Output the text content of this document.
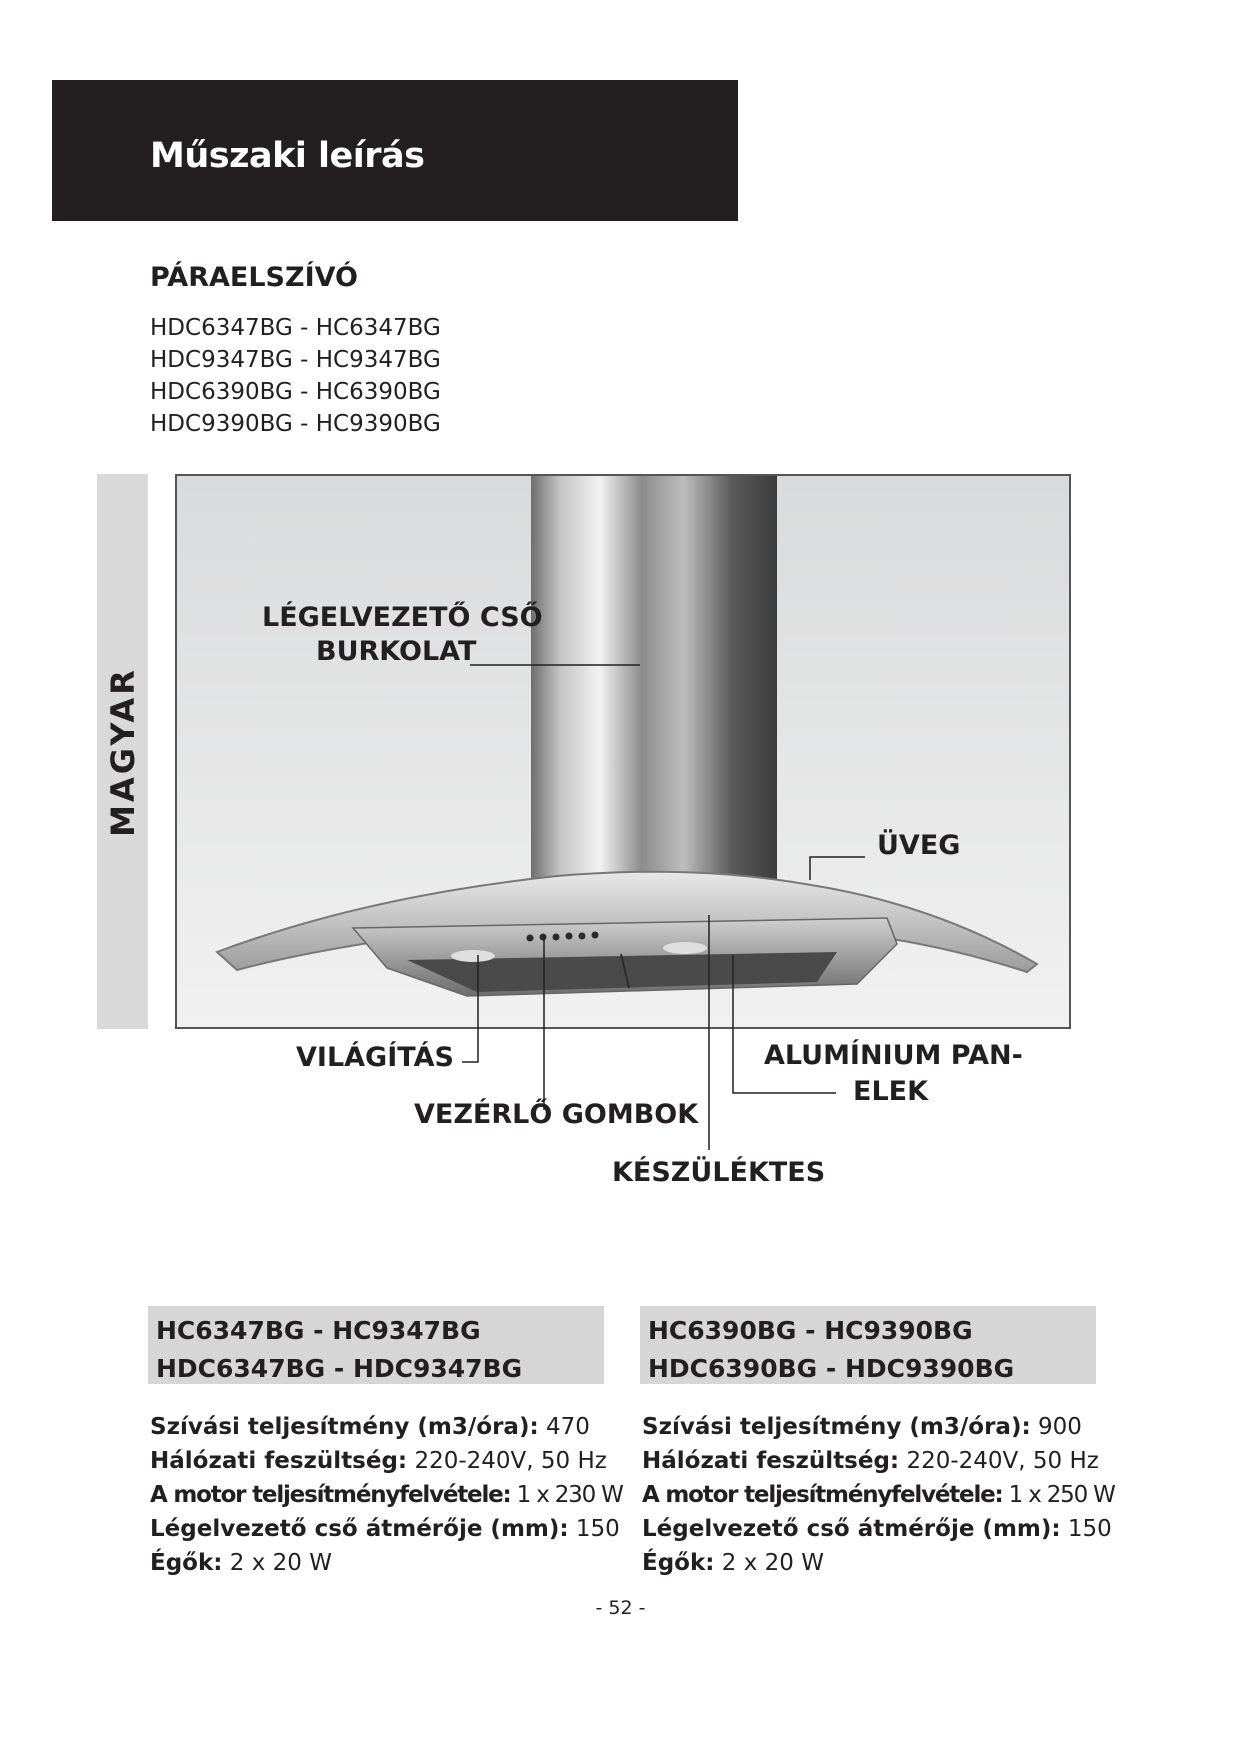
Műszaki leírás
PÁRAELSZÍVÓ
HDC6347BG - HC6347BG
HDC9347BG - HC9347BG
HDC6390BG - HC6390BG
HDC9390BG - HC9390BG
MAGYAR
LÉGELVEZETŐ CSŐ
BURKOLAT
ÜVEG
VILÁGÍTÁS
VEZÉRLŐ GOMBOK
ALUMÍNIUM PAN-
ELEK
KÉSZÜLÉKTES
HC6347BG - HC9347BG
HDC6347BG - HDC9347BG
HC6390BG - HC9390BG
HDC6390BG - HDC9390BG
Szívási teljesítmény (m3/óra): 470
Hálózati feszültség: 220-240V, 50 Hz
A motor teljesítményfelvétele: 1 x 230 W
Légelvezető cső átmérője (mm): 150
Égők: 2 x 20 W
Szívási teljesítmény (m3/óra): 900
Hálózati feszültség: 220-240V, 50 Hz
A motor teljesítményfelvétele: 1 x 250 W
Légelvezető cső átmérője (mm): 150
Égők: 2 x 20 W
- 52 -
